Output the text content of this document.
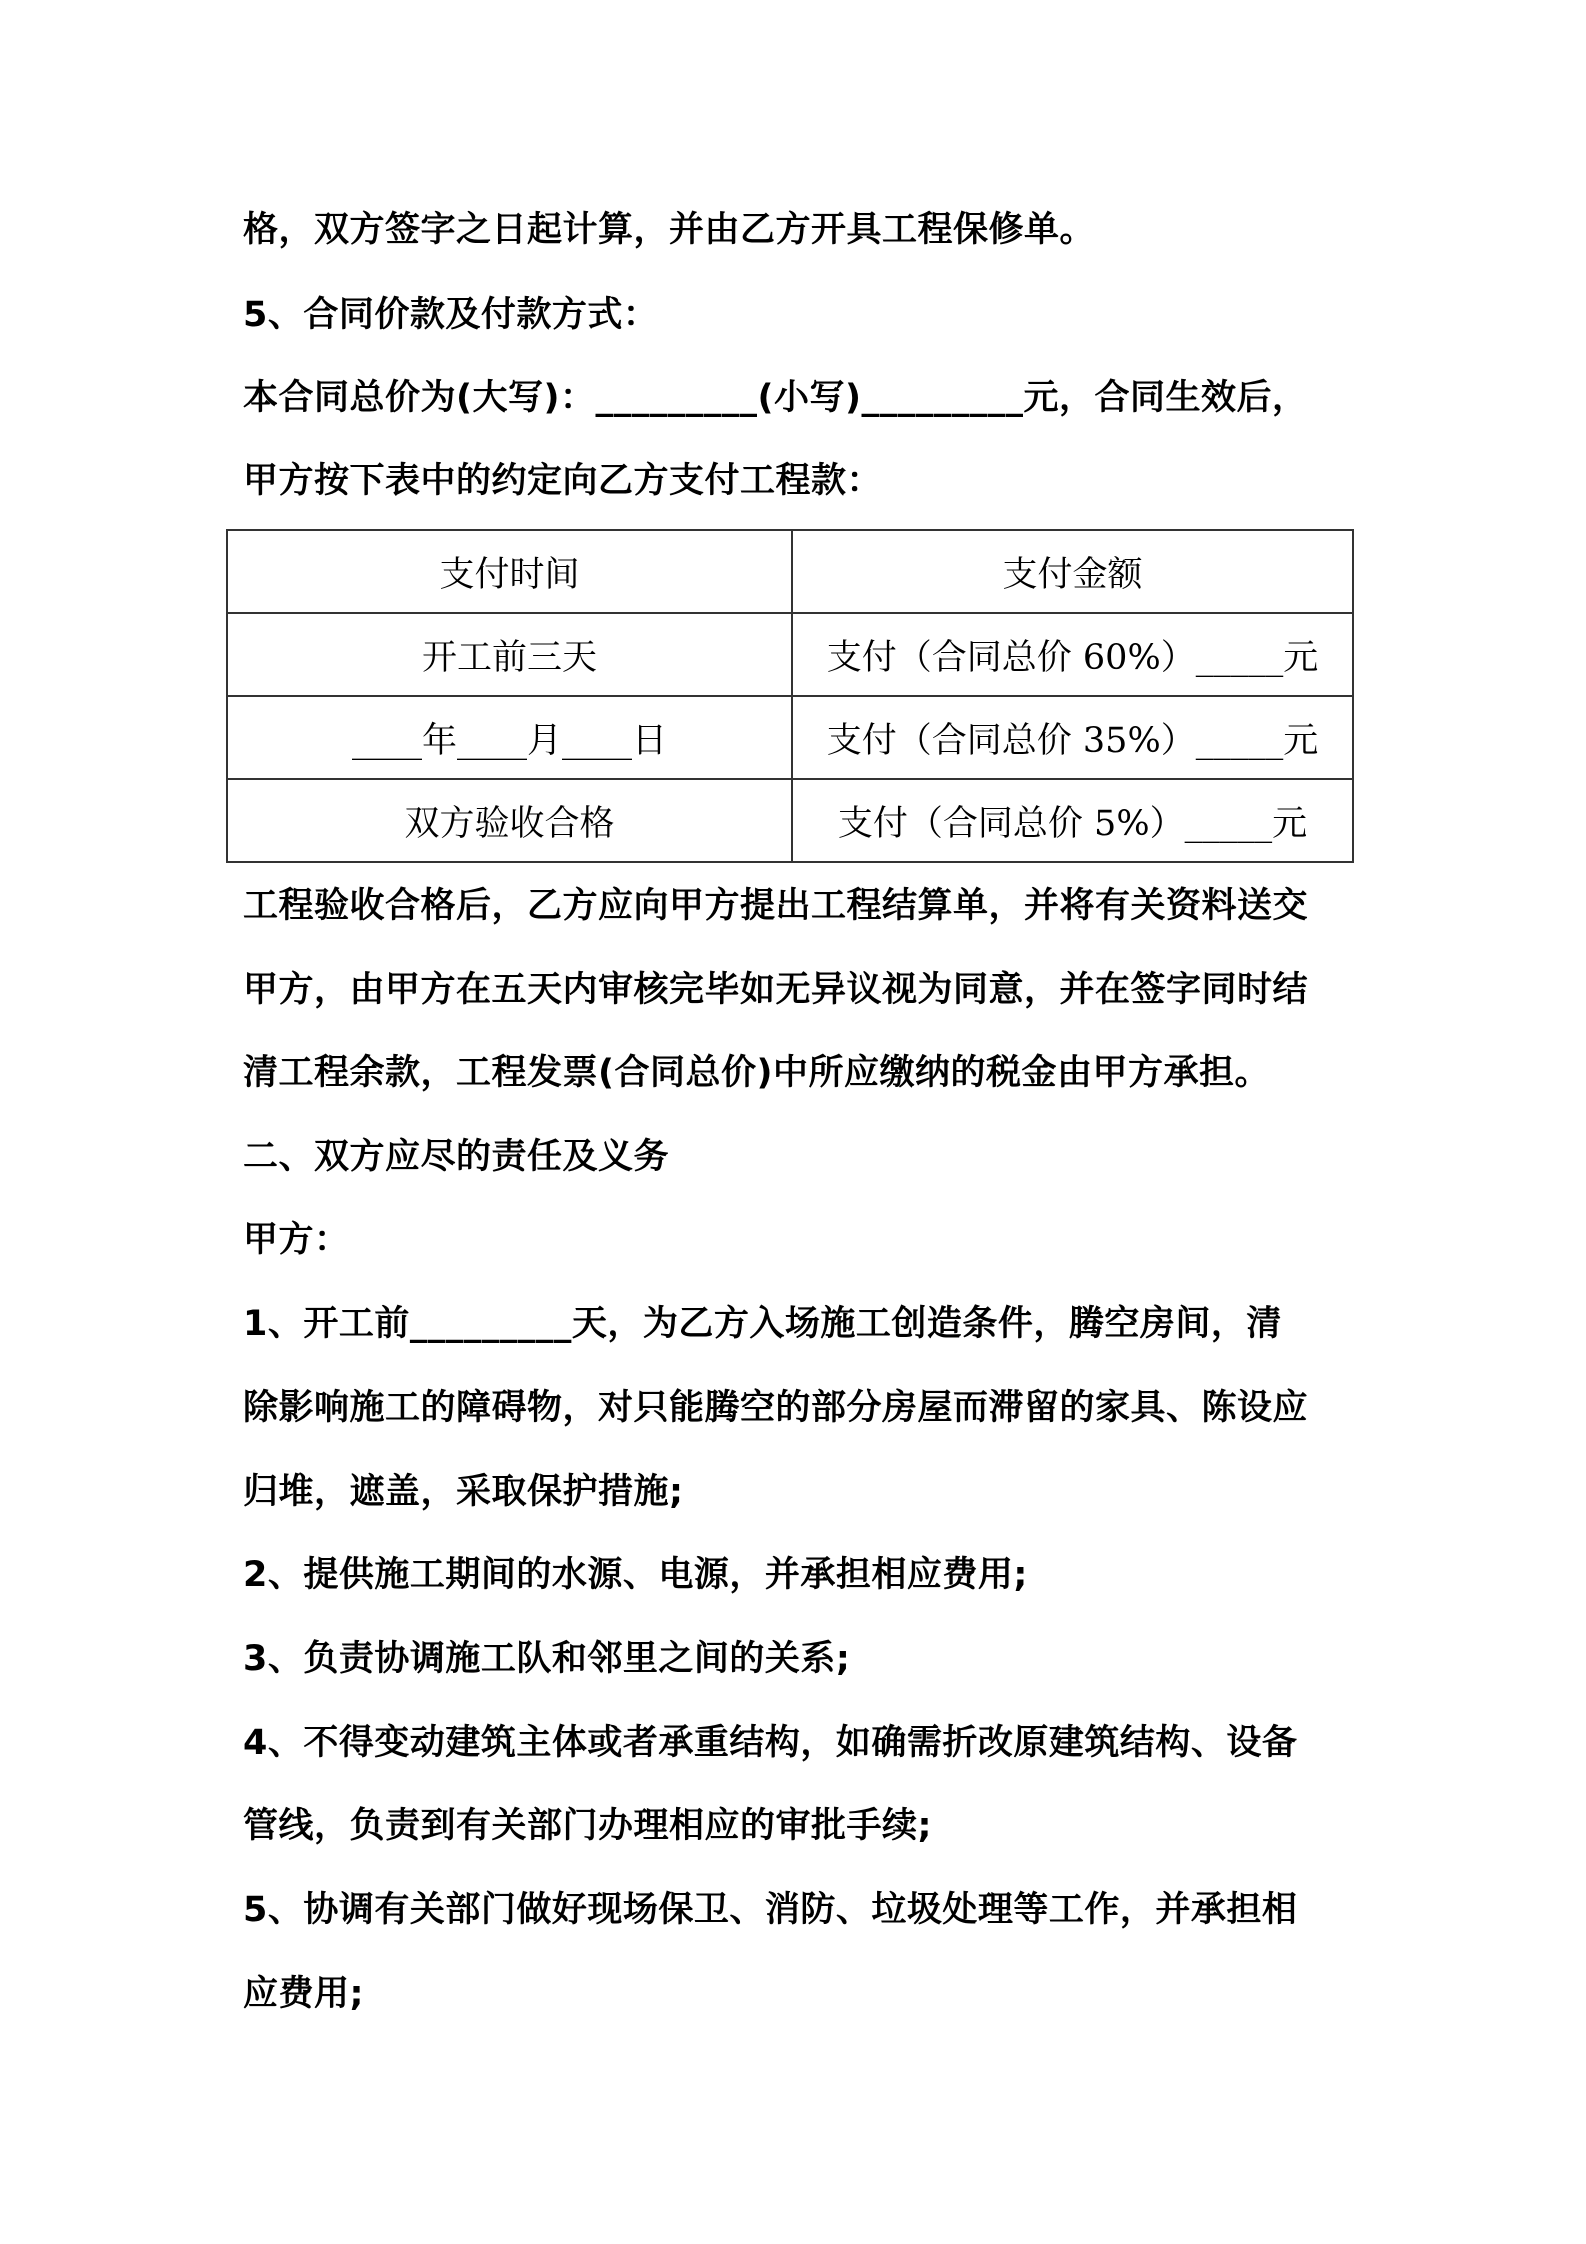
格，双方签字之日起计算，并由乙方开具工程保修单。
5、合同价款及付款方式：
本合同总价为(大写)：_________(小写)_________元，合同生效后，
甲方按下表中的约定向乙方支付工程款：
支付时间	支付金额
开工前三天	支付（合同总价 60%）_____元
____年____月____日	支付（合同总价 35%）_____元
双方验收合格	支付（合同总价 5%）_____元
工程验收合格后，乙方应向甲方提出工程结算单，并将有关资料送交
甲方，由甲方在五天内审核完毕如无异议视为同意，并在签字同时结
清工程余款，工程发票(合同总价)中所应缴纳的税金由甲方承担。
二、双方应尽的责任及义务
甲方：
1、开工前_________天，为乙方入场施工创造条件，腾空房间，清
除影响施工的障碍物，对只能腾空的部分房屋而滞留的家具、陈设应
归堆，遮盖，采取保护措施;
2、提供施工期间的水源、电源，并承担相应费用;
3、负责协调施工队和邻里之间的关系;
4、不得变动建筑主体或者承重结构，如确需折改原建筑结构、设备
管线，负责到有关部门办理相应的审批手续;
5、协调有关部门做好现场保卫、消防、垃圾处理等工作，并承担相
应费用;
